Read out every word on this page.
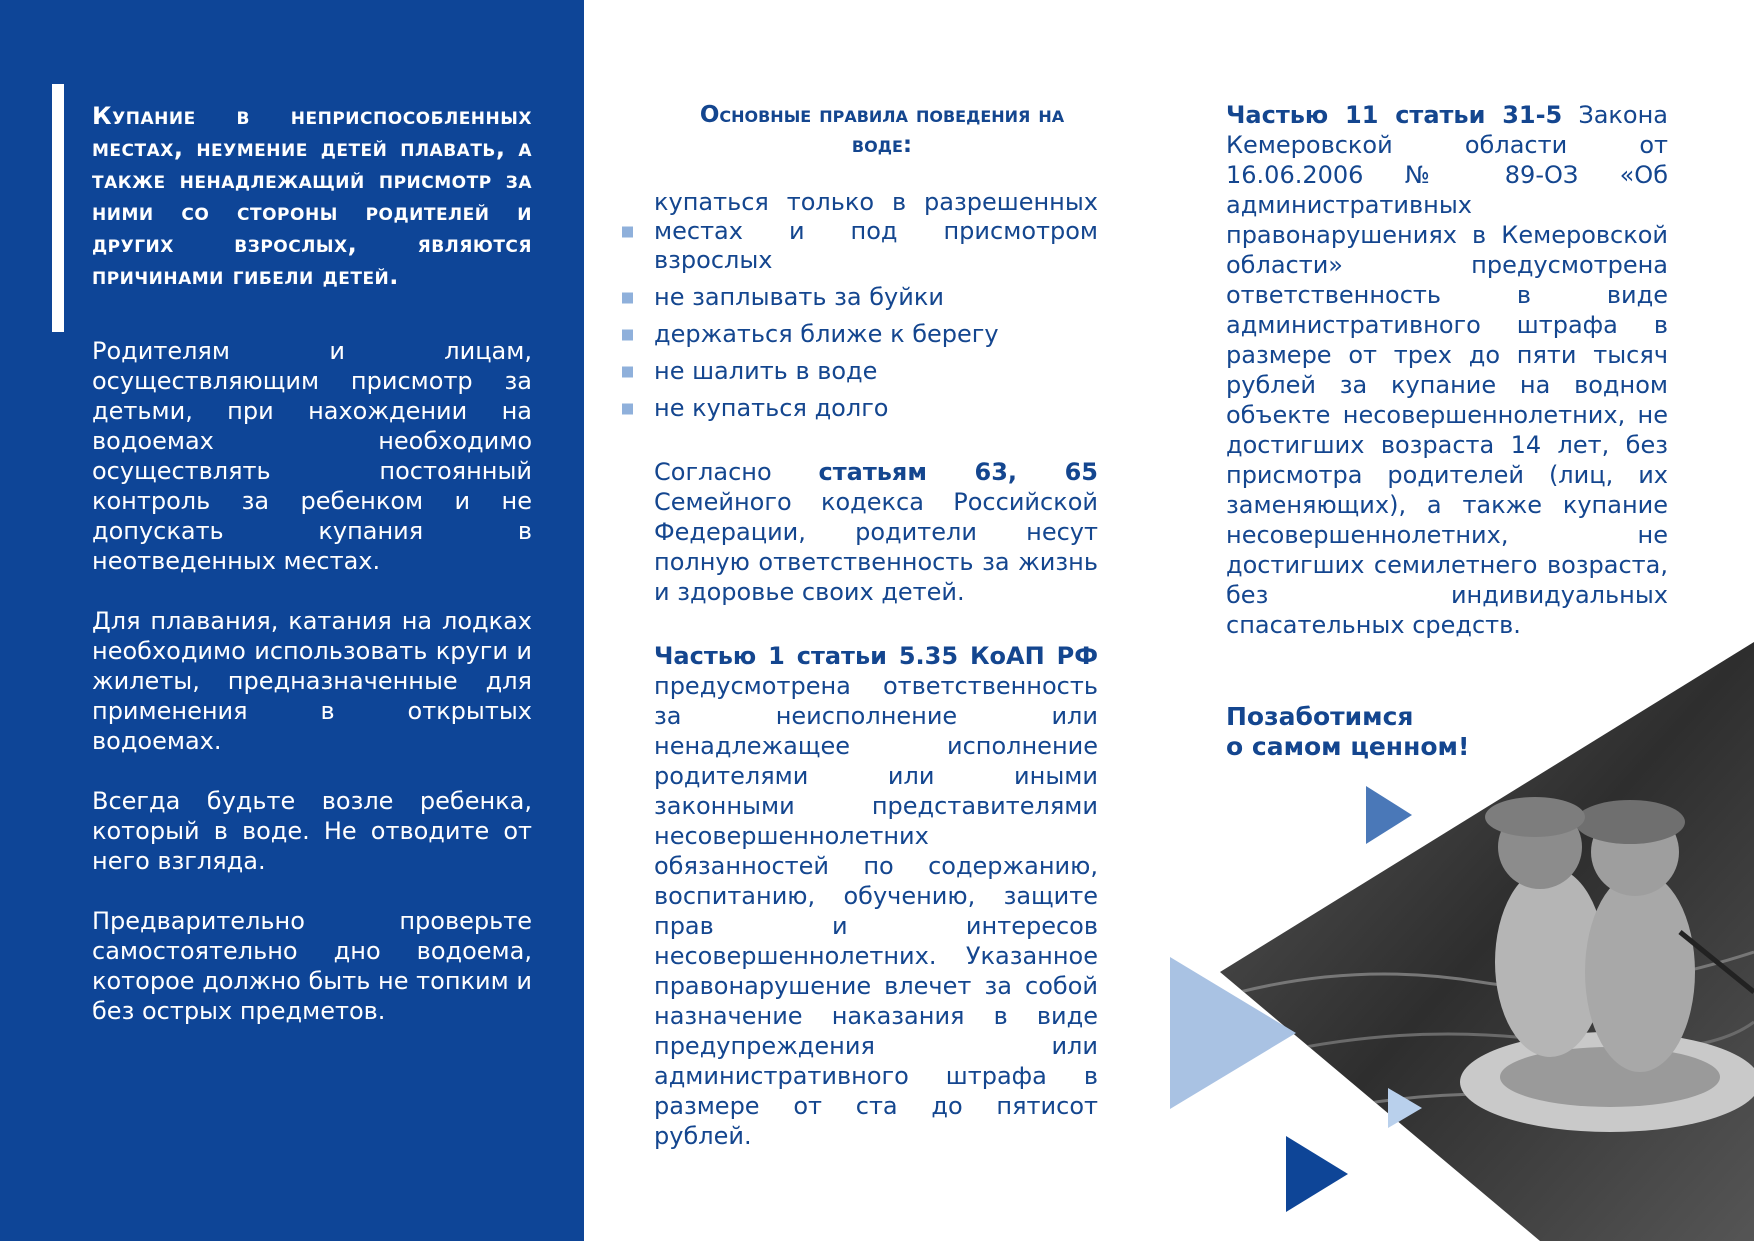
Купание в неприспособленных местах, неумение детей плавать, а также ненадлежащий присмотр за ними со стороны родителей и других взрослых, являются причинами гибели детей.

Родителям и лицам, осуществляющим присмотр за детьми, при нахождении на водоемах необходимо осуществлять постоянный контроль за ребенком и не допускать купания в неотведенных местах.

Для плавания, катания на лодках необходимо использовать круги и жилеты, предназначенные для применения в открытых водоемах.

Всегда будьте возле ребенка, который в воде. Не отводите от него взгляда.

Предварительно проверьте самостоятельно дно водоема, которое должно быть не топким и без острых предметов.

Основные правила поведения на воде:
купаться только в разрешенных местах и под присмотром взрослых
не заплывать за буйки
держаться ближе к берегу
не шалить в воде
не купаться долго

Согласно статьям 63, 65 Семейного кодекса Российской Федерации, родители несут полную ответственность за жизнь и здоровье своих детей.

Частью 1 статьи 5.35 КоАП РФ предусмотрена ответственность за неисполнение или ненадлежащее исполнение родителями или иными законными представителями несовершеннолетних обязанностей по содержанию, воспитанию, обучению, защите прав и интересов несовершеннолетних. Указанное правонарушение влечет за собой назначение наказания в виде предупреждения или административного штрафа в размере от ста до пятисот рублей.

Частью 11 статьи 31-5 Закона Кемеровской области от 16.06.2006 № 89-ОЗ «Об административных правонарушениях в Кемеровской области» предусмотрена ответственность в виде административного штрафа в размере от трех до пяти тысяч рублей за купание на водном объекте несовершеннолетних, не достигших возраста 14 лет, без присмотра родителей (лиц, их заменяющих), а также купание несовершеннолетних, не достигших семилетнего возраста, без индивидуальных спасательных средств.

Позаботимся
о самом ценном!
